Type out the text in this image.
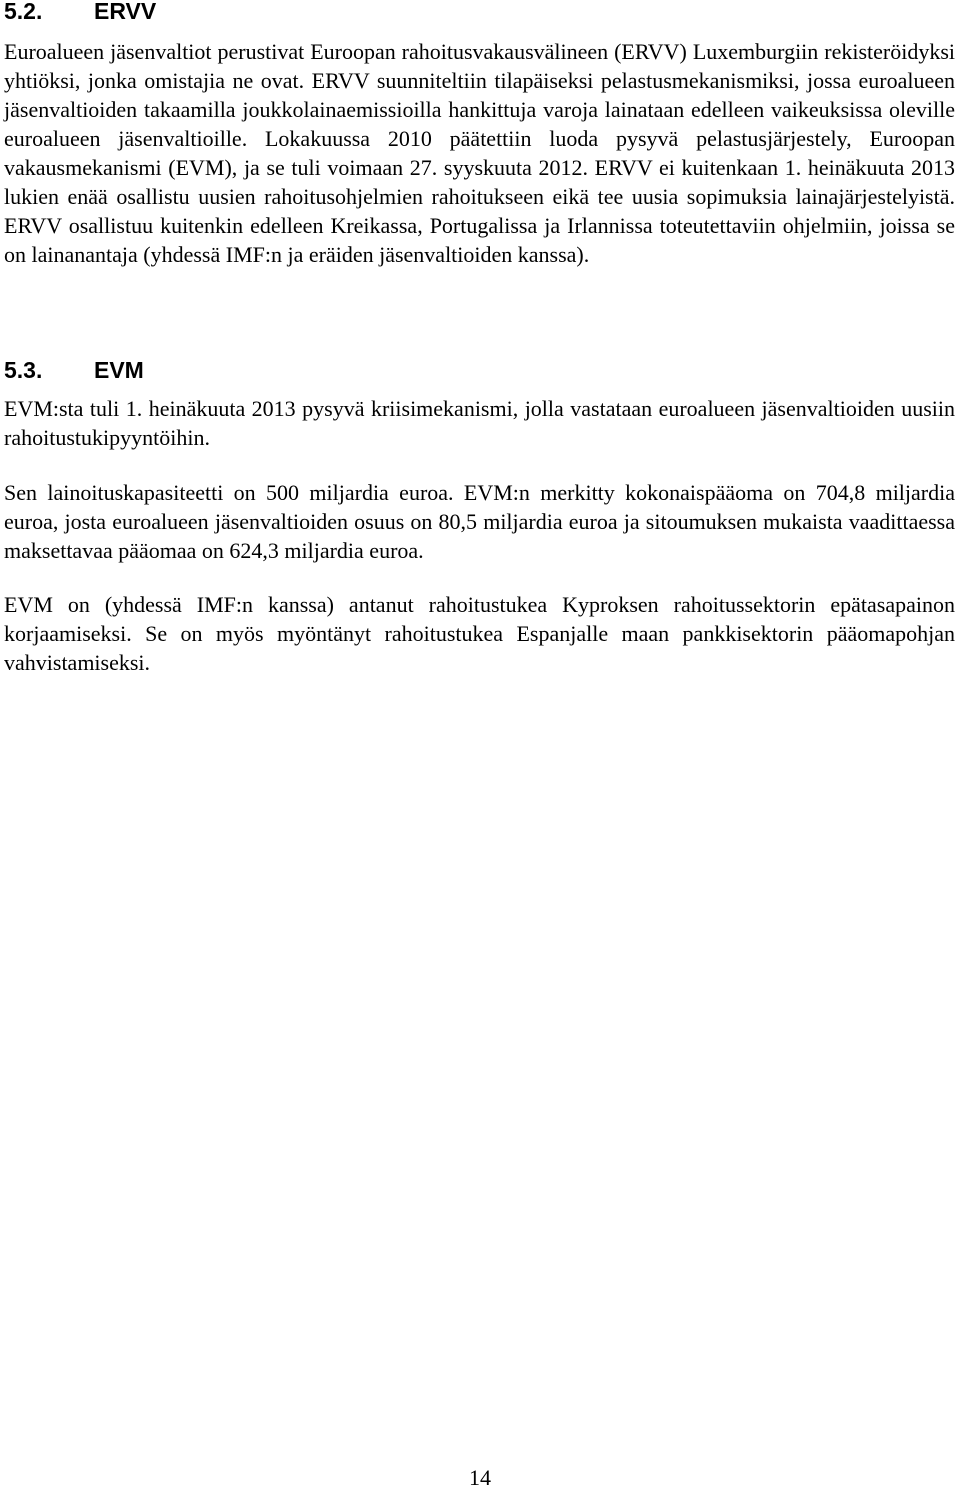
5.2. ERVV

Euroalueen jäsenvaltiot perustivat Euroopan rahoitusvakausvälineen (ERVV) Luxemburgiin rekisteröidyksi yhtiöksi, jonka omistajia ne ovat. ERVV suunniteltiin tilapäiseksi pelastusmekanismiksi, jossa euroalueen jäsenvaltioiden takaamilla joukkolainaemissioilla hankittuja varoja lainataan edelleen vaikeuksissa oleville euroalueen jäsenvaltioille. Lokakuussa 2010 päätettiin luoda pysyvä pelastusjärjestely, Euroopan vakausmekanismi (EVM), ja se tuli voimaan 27. syyskuuta 2012. ERVV ei kuitenkaan 1. heinäkuuta 2013 lukien enää osallistu uusien rahoitusohjelmien rahoitukseen eikä tee uusia sopimuksia lainajärjestelyistä. ERVV osallistuu kuitenkin edelleen Kreikassa, Portugalissa ja Irlannissa toteutettaviin ohjelmiin, joissa se on lainanantaja (yhdessä IMF:n ja eräiden jäsenvaltioiden kanssa).

5.3. EVM

EVM:sta tuli 1. heinäkuuta 2013 pysyvä kriisimekanismi, jolla vastataan euroalueen jäsenvaltioiden uusiin rahoitustukipyyntöihin.

Sen lainoituskapasiteetti on 500 miljardia euroa. EVM:n merkitty kokonaispääoma on 704,8 miljardia euroa, josta euroalueen jäsenvaltioiden osuus on 80,5 miljardia euroa ja sitoumuksen mukaista vaadittaessa maksettavaa pääomaa on 624,3 miljardia euroa.

EVM on (yhdessä IMF:n kanssa) antanut rahoitustukea Kyproksen rahoitussektorin epätasapainon korjaamiseksi. Se on myös myöntänyt rahoitustukea Espanjalle maan pankkisektorin pääomapohjan vahvistamiseksi.

14
